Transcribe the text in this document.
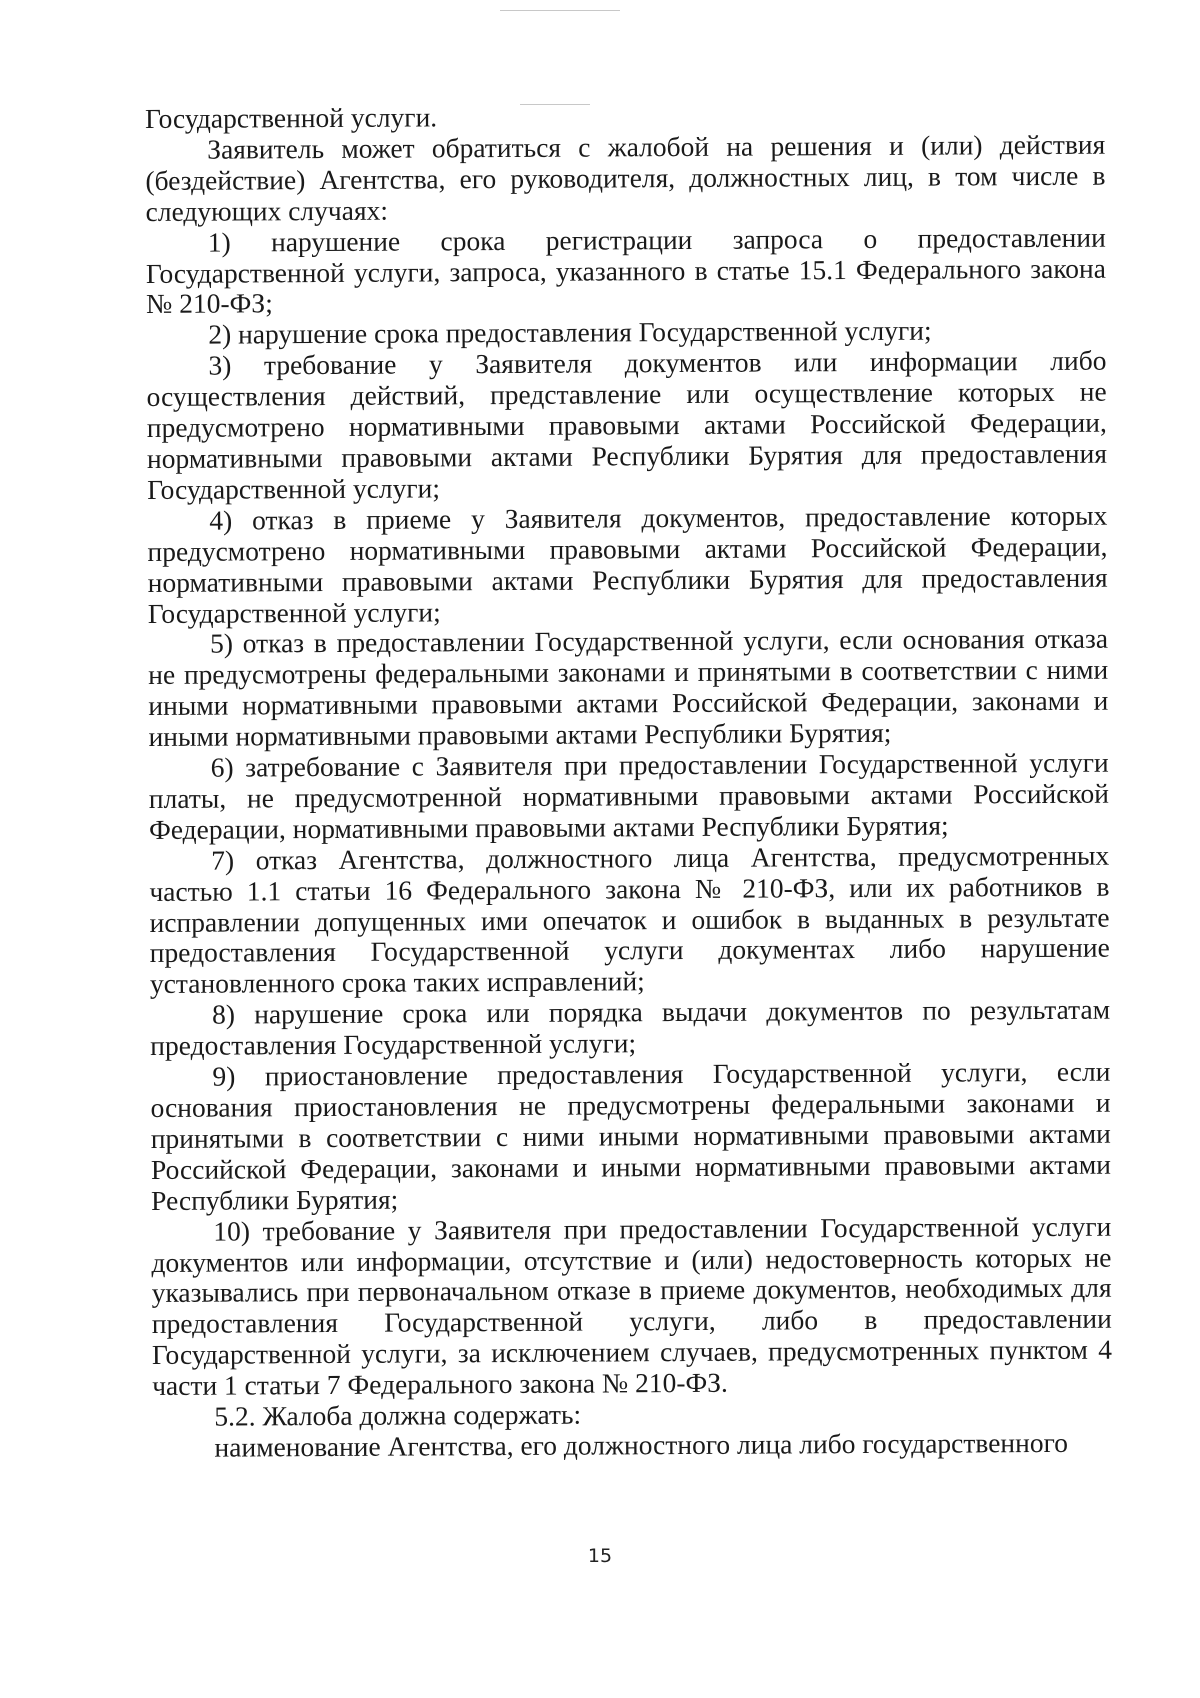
Государственной услуги.

Заявитель может обратиться с жалобой на решения и (или) действия (бездействие) Агентства, его руководителя, должностных лиц, в том числе в следующих случаях:

1) нарушение срока регистрации запроса о предоставлении Государственной услуги, запроса, указанного в статье 15.1 Федерального закона № 210-ФЗ;

2) нарушение срока предоставления Государственной услуги;

3) требование у Заявителя документов или информации либо осуществления действий, представление или осуществление которых не предусмотрено нормативными правовыми актами Российской Федерации, нормативными правовыми актами Республики Бурятия для предоставления Государственной услуги;

4) отказ в приеме у Заявителя документов, предоставление которых предусмотрено нормативными правовыми актами Российской Федерации, нормативными правовыми актами Республики Бурятия для предоставления Государственной услуги;

5) отказ в предоставлении Государственной услуги, если основания отказа не предусмотрены федеральными законами и принятыми в соответствии с ними иными нормативными правовыми актами Российской Федерации, законами и иными нормативными правовыми актами Республики Бурятия;

6) затребование с Заявителя при предоставлении Государственной услуги платы, не предусмотренной нормативными правовыми актами Российской Федерации, нормативными правовыми актами Республики Бурятия;

7) отказ Агентства, должностного лица Агентства, предусмотренных частью 1.1 статьи 16 Федерального закона № 210-ФЗ, или их работников в исправлении допущенных ими опечаток и ошибок в выданных в результате предоставления Государственной услуги документах либо нарушение установленного срока таких исправлений;

8) нарушение срока или порядка выдачи документов по результатам предоставления Государственной услуги;

9) приостановление предоставления Государственной услуги, если основания приостановления не предусмотрены федеральными законами и принятыми в соответствии с ними иными нормативными правовыми актами Российской Федерации, законами и иными нормативными правовыми актами Республики Бурятия;

10) требование у Заявителя при предоставлении Государственной услуги документов или информации, отсутствие и (или) недостоверность которых не указывались при первоначальном отказе в приеме документов, необходимых для предоставления Государственной услуги, либо в предоставлении Государственной услуги, за исключением случаев, предусмотренных пунктом 4 части 1 статьи 7 Федерального закона № 210-ФЗ.

5.2. Жалоба должна содержать:

наименование Агентства, его должностного лица либо государственного

15
